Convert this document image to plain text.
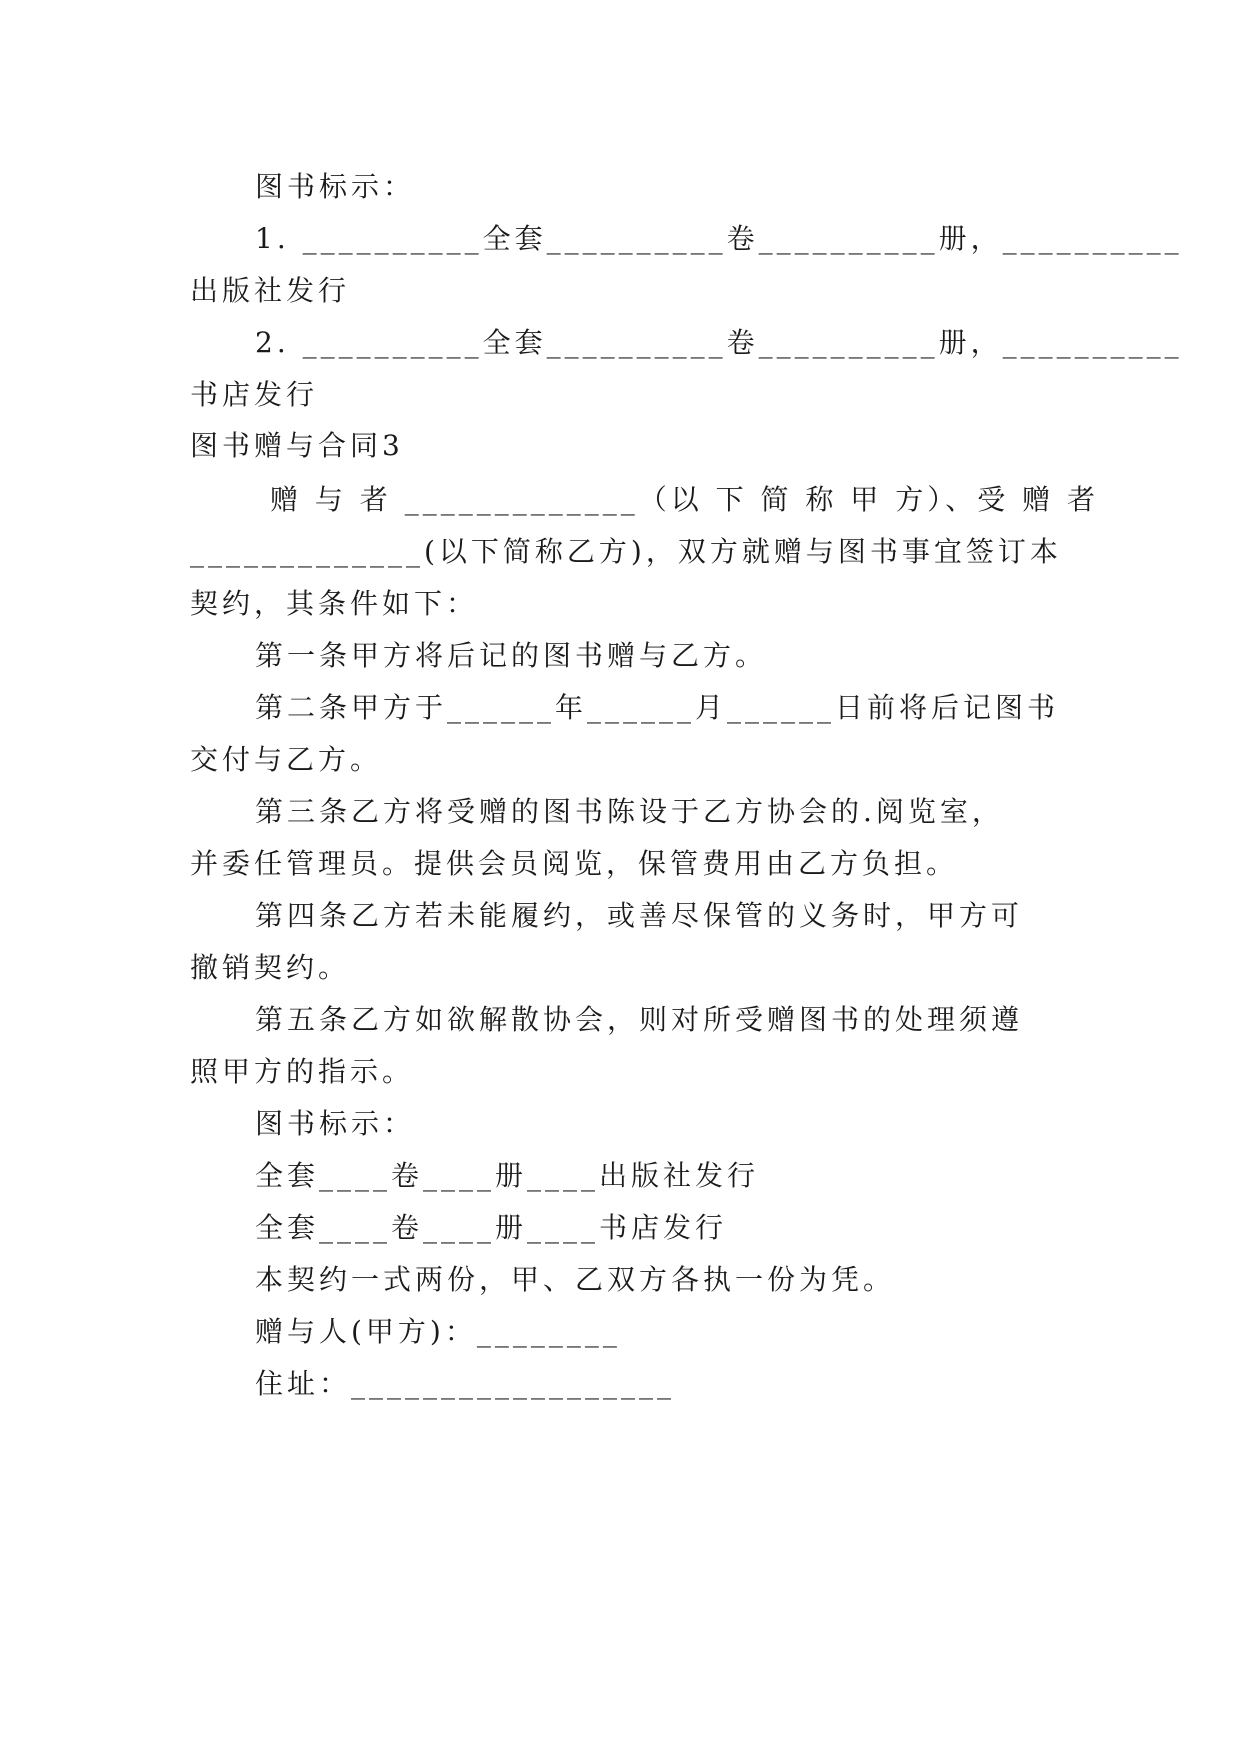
图书标示：
1. __________全套__________卷__________册，__________
出版社发行
2. __________全套__________卷__________册，__________
书店发行
图书赠与合同3
赠 与 者 _____________（以 下 简 称 甲 方）、受 赠 者
_____________(以下简称乙方)，双方就赠与图书事宜签订本
契约，其条件如下：
第一条甲方将后记的图书赠与乙方。
第二条甲方于______年______月______日前将后记图书
交付与乙方。
第三条乙方将受赠的图书陈设于乙方协会的.阅览室，
并委任管理员。提供会员阅览，保管费用由乙方负担。
第四条乙方若未能履约，或善尽保管的义务时，甲方可
撤销契约。
第五条乙方如欲解散协会，则对所受赠图书的处理须遵
照甲方的指示。
图书标示：
全套____卷____册____出版社发行
全套____卷____册____书店发行
本契约一式两份，甲、乙双方各执一份为凭。
赠与人(甲方)：________
住址：__________________
